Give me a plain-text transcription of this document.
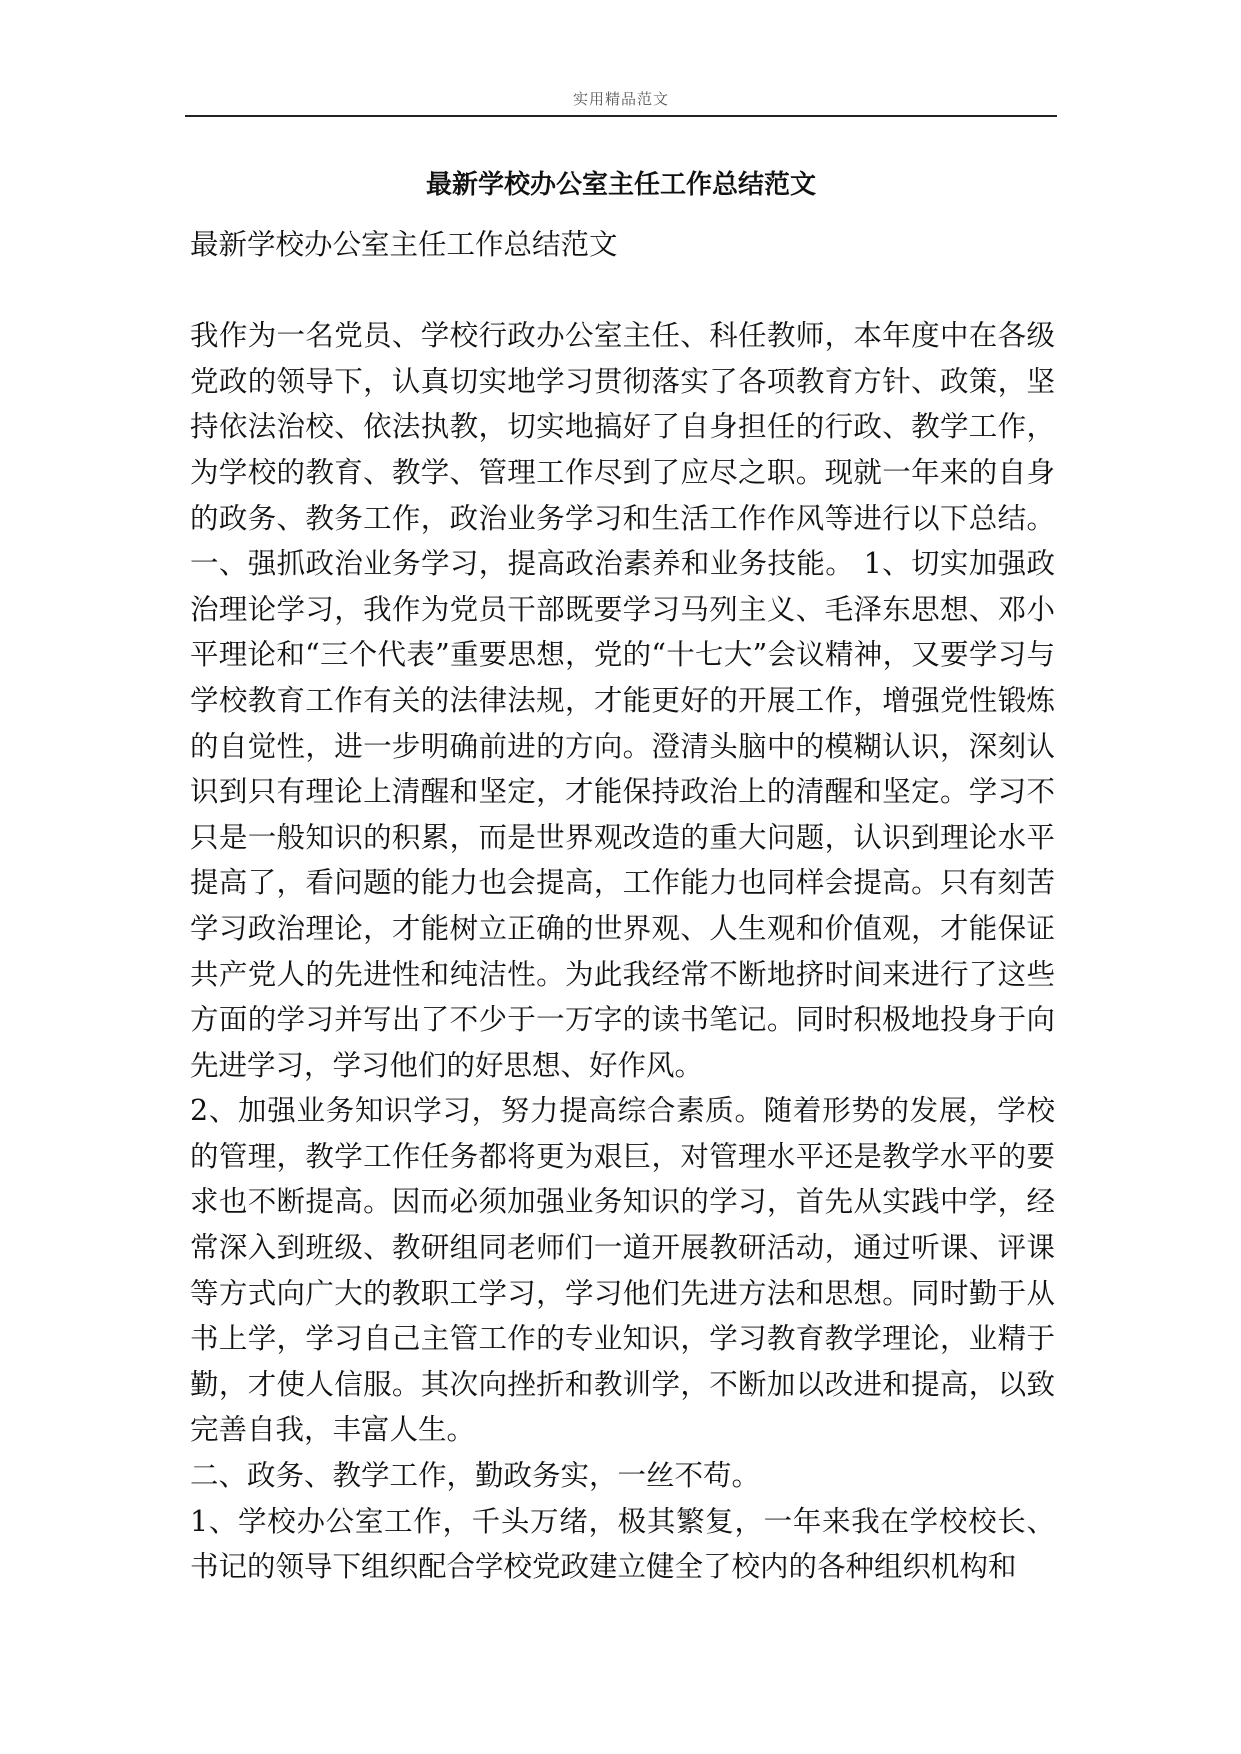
实用精品范文
最新学校办公室主任工作总结范文

最新学校办公室主任工作总结范文

我作为一名党员、学校行政办公室主任、科任教师，本年度中在各级党政的领导下，认真切实地学习贯彻落实了各项教育方针、政策，坚持依法治校、依法执教，切实地搞好了自身担任的行政、教学工作，为学校的教育、教学、管理工作尽到了应尽之职。现就一年来的自身的政务、教务工作，政治业务学习和生活工作作风等进行以下总结。一、强抓政治业务学习，提高政治素养和业务技能。 1、切实加强政治理论学习，我作为党员干部既要学习马列主义、毛泽东思想、邓小平理论和“三个代表”重要思想，党的“十七大”会议精神，又要学习与学校教育工作有关的法律法规，才能更好的开展工作，增强党性锻炼的自觉性，进一步明确前进的方向。澄清头脑中的模糊认识，深刻认识到只有理论上清醒和坚定，才能保持政治上的清醒和坚定。学习不只是一般知识的积累，而是世界观改造的重大问题，认识到理论水平提高了，看问题的能力也会提高，工作能力也同样会提高。只有刻苦学习政治理论，才能树立正确的世界观、人生观和价值观，才能保证共产党人的先进性和纯洁性。为此我经常不断地挤时间来进行了这些方面的学习并写出了不少于一万字的读书笔记。同时积极地投身于向先进学习，学习他们的好思想、好作风。

2、加强业务知识学习，努力提高综合素质。随着形势的发展，学校的管理，教学工作任务都将更为艰巨，对管理水平还是教学水平的要求也不断提高。因而必须加强业务知识的学习，首先从实践中学，经常深入到班级、教研组同老师们一道开展教研活动，通过听课、评课等方式向广大的教职工学习，学习他们先进方法和思想。同时勤于从书上学，学习自己主管工作的专业知识，学习教育教学理论，业精于勤，才使人信服。其次向挫折和教训学，不断加以改进和提高，以致完善自我，丰富人生。

二、政务、教学工作，勤政务实，一丝不苟。

1、学校办公室工作，千头万绪，极其繁复，一年来我在学校校长、书记的领导下组织配合学校党政建立健全了校内的各种组织机构和
